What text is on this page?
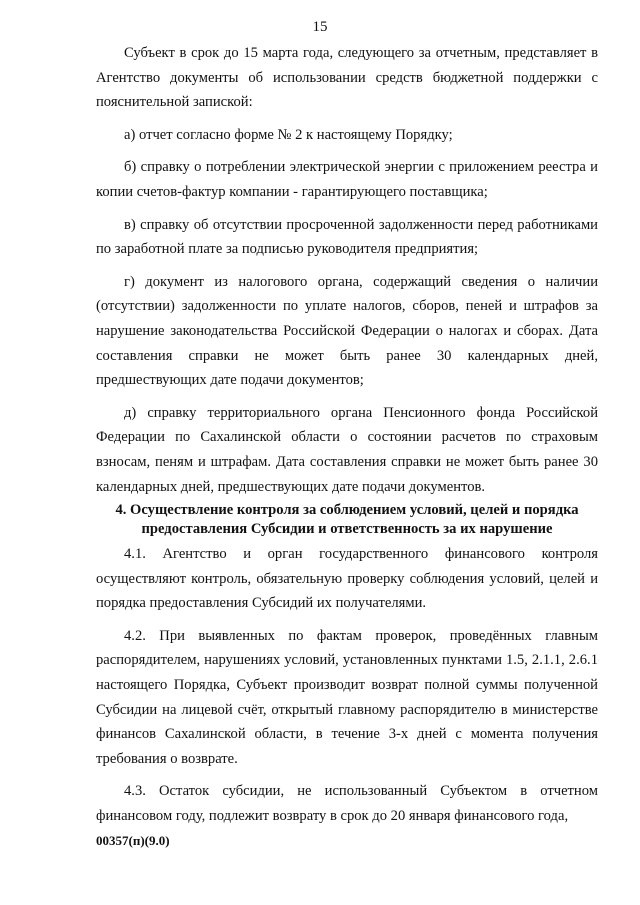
15

Субъект в срок до 15 марта года, следующего за отчетным, представляет в Агентство документы об использовании средств бюджетной поддержки с пояснительной запиской:

а) отчет согласно форме № 2 к настоящему Порядку;

б) справку о потреблении электрической энергии с приложением реестра и копии счетов-фактур компании - гарантирующего поставщика;

в) справку об отсутствии просроченной задолженности перед работниками по заработной плате за подписью руководителя предприятия;

г) документ из налогового органа, содержащий сведения о наличии (отсутствии) задолженности по уплате налогов, сборов, пеней и штрафов за нарушение законодательства Российской Федерации о налогах и сборах. Дата составления справки не может быть ранее 30 календарных дней, предшествующих дате подачи документов;

д) справку территориального органа Пенсионного фонда Российской Федерации по Сахалинской области о состоянии расчетов по страховым взносам, пеням и штрафам. Дата составления справки не может быть ранее 30 календарных дней, предшествующих дате подачи документов.

4. Осуществление контроля за соблюдением условий, целей и порядка
предоставления Субсидии и ответственность за их нарушение

4.1. Агентство и орган государственного финансового контроля осуществляют контроль, обязательную проверку соблюдения условий, целей и порядка предоставления Субсидий их получателями.

4.2. При выявленных по фактам проверок, проведённых главным распорядителем, нарушениях условий, установленных пунктами 1.5, 2.1.1, 2.6.1 настоящего Порядка, Субъект производит возврат полной суммы полученной Субсидии на лицевой счёт, открытый главному распорядителю в министерстве финансов Сахалинской области, в течение 3-х дней с момента получения требования о возврате.

4.3. Остаток субсидии, не использованный Субъектом в отчетном финансовом году, подлежит возврату в срок до 20 января финансового года,

00357(п)(9.0)
